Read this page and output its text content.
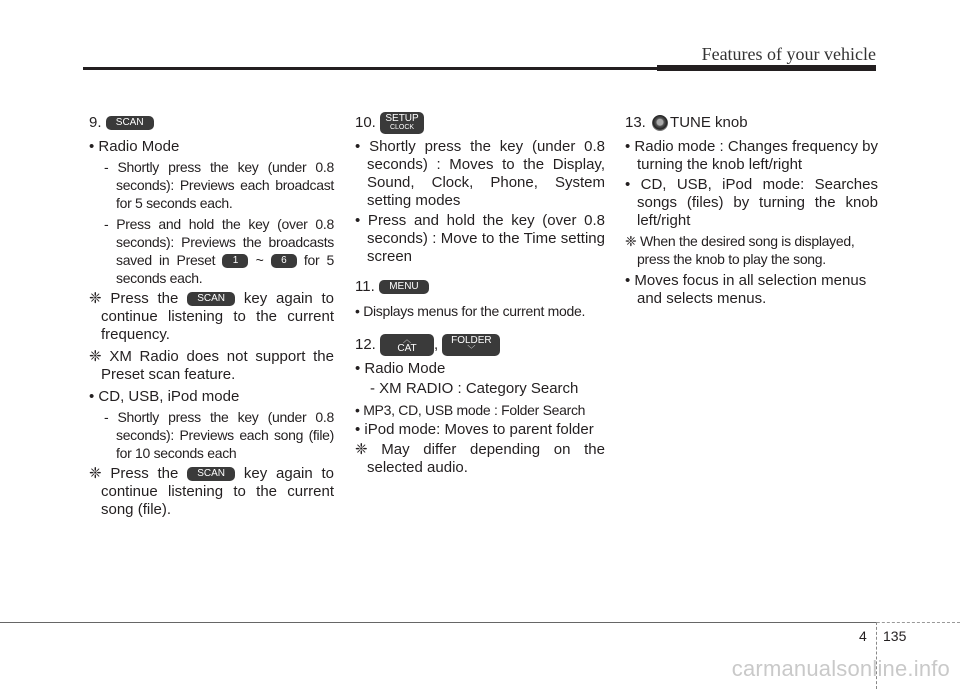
Features of your vehicle
9.
	SCAN
• Radio Mode
- Shortly press the key (under 0.8 seconds): Previews each broadcast for 5 seconds each.
- Press and hold the key (over 0.8 seconds): Previews the broadcasts saved in Preset 1 ~ 6 for 5 seconds each.
❈ Press the SCAN key again to continue listening to the current frequency.
❈ XM Radio does not support the Preset scan feature.
• CD, USB, iPod mode
- Shortly press the key (under 0.8 seconds): Previews each song (file) for 10 seconds each
❈ Press the SCAN key again to continue listening to the current song (file).
10.
SETUP
CLOCK
• Shortly press the key (under 0.8 seconds) : Moves to the Display, Sound, Clock, Phone, System setting modes
• Press and hold the key (over 0.8 seconds) : Move to the Time setting screen
11.
	MENU
• Displays menus for the current mode.
12.
	︿
CAT ,
FOLDER
﹀
• Radio Mode
- XM RADIO : Category Search
• MP3, CD, USB mode : Folder Search
• iPod mode: Moves to parent folder
❈ May differ depending on the selected audio.
13.
TUNE knob
• Radio mode : Changes frequency by turning the knob left/right
• CD, USB, iPod mode: Searches songs (files) by turning the knob left/right
❈ When the desired song is displayed, press the knob to play the song.
• Moves focus in all selection menus and selects menus.
4 135
carmanualsonline.info
